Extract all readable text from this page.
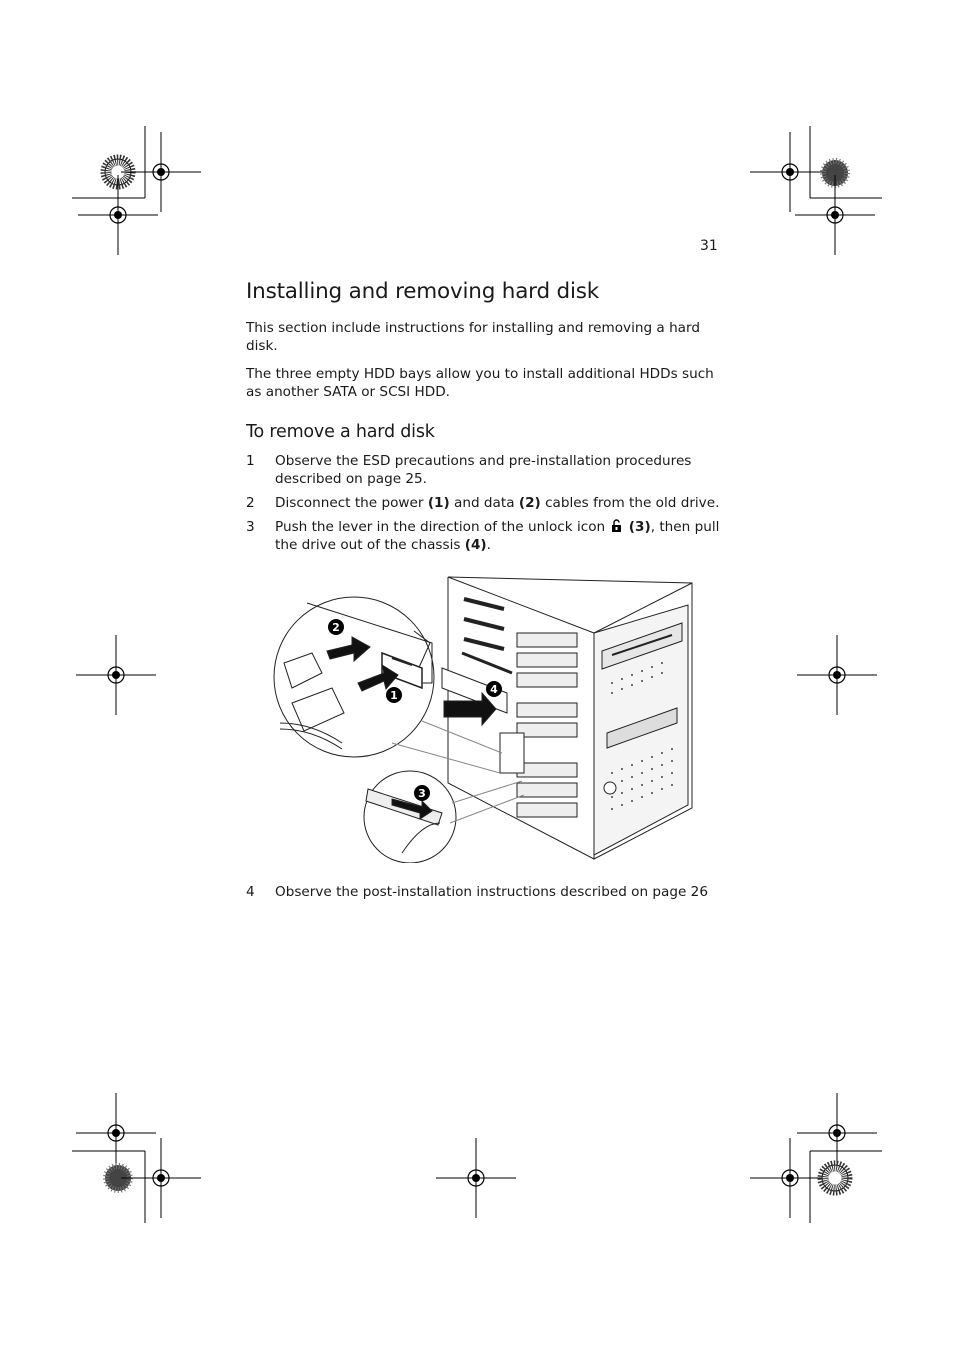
31
Installing and removing hard disk

This section include instructions for installing and removing a hard disk.

The three empty HDD bays allow you to install additional HDDs such as another SATA or SCSI HDD.

To remove a hard disk
1 Observe the ESD precautions and pre-installation procedures described on page 25.
2 Disconnect the power (1) and data (2) cables from the old drive.
3 Push the lever in the direction of the unlock icon  (3), then pull the drive out of the chassis (4).
1
2
3
4
4 Observe the post-installation instructions described on page 26
